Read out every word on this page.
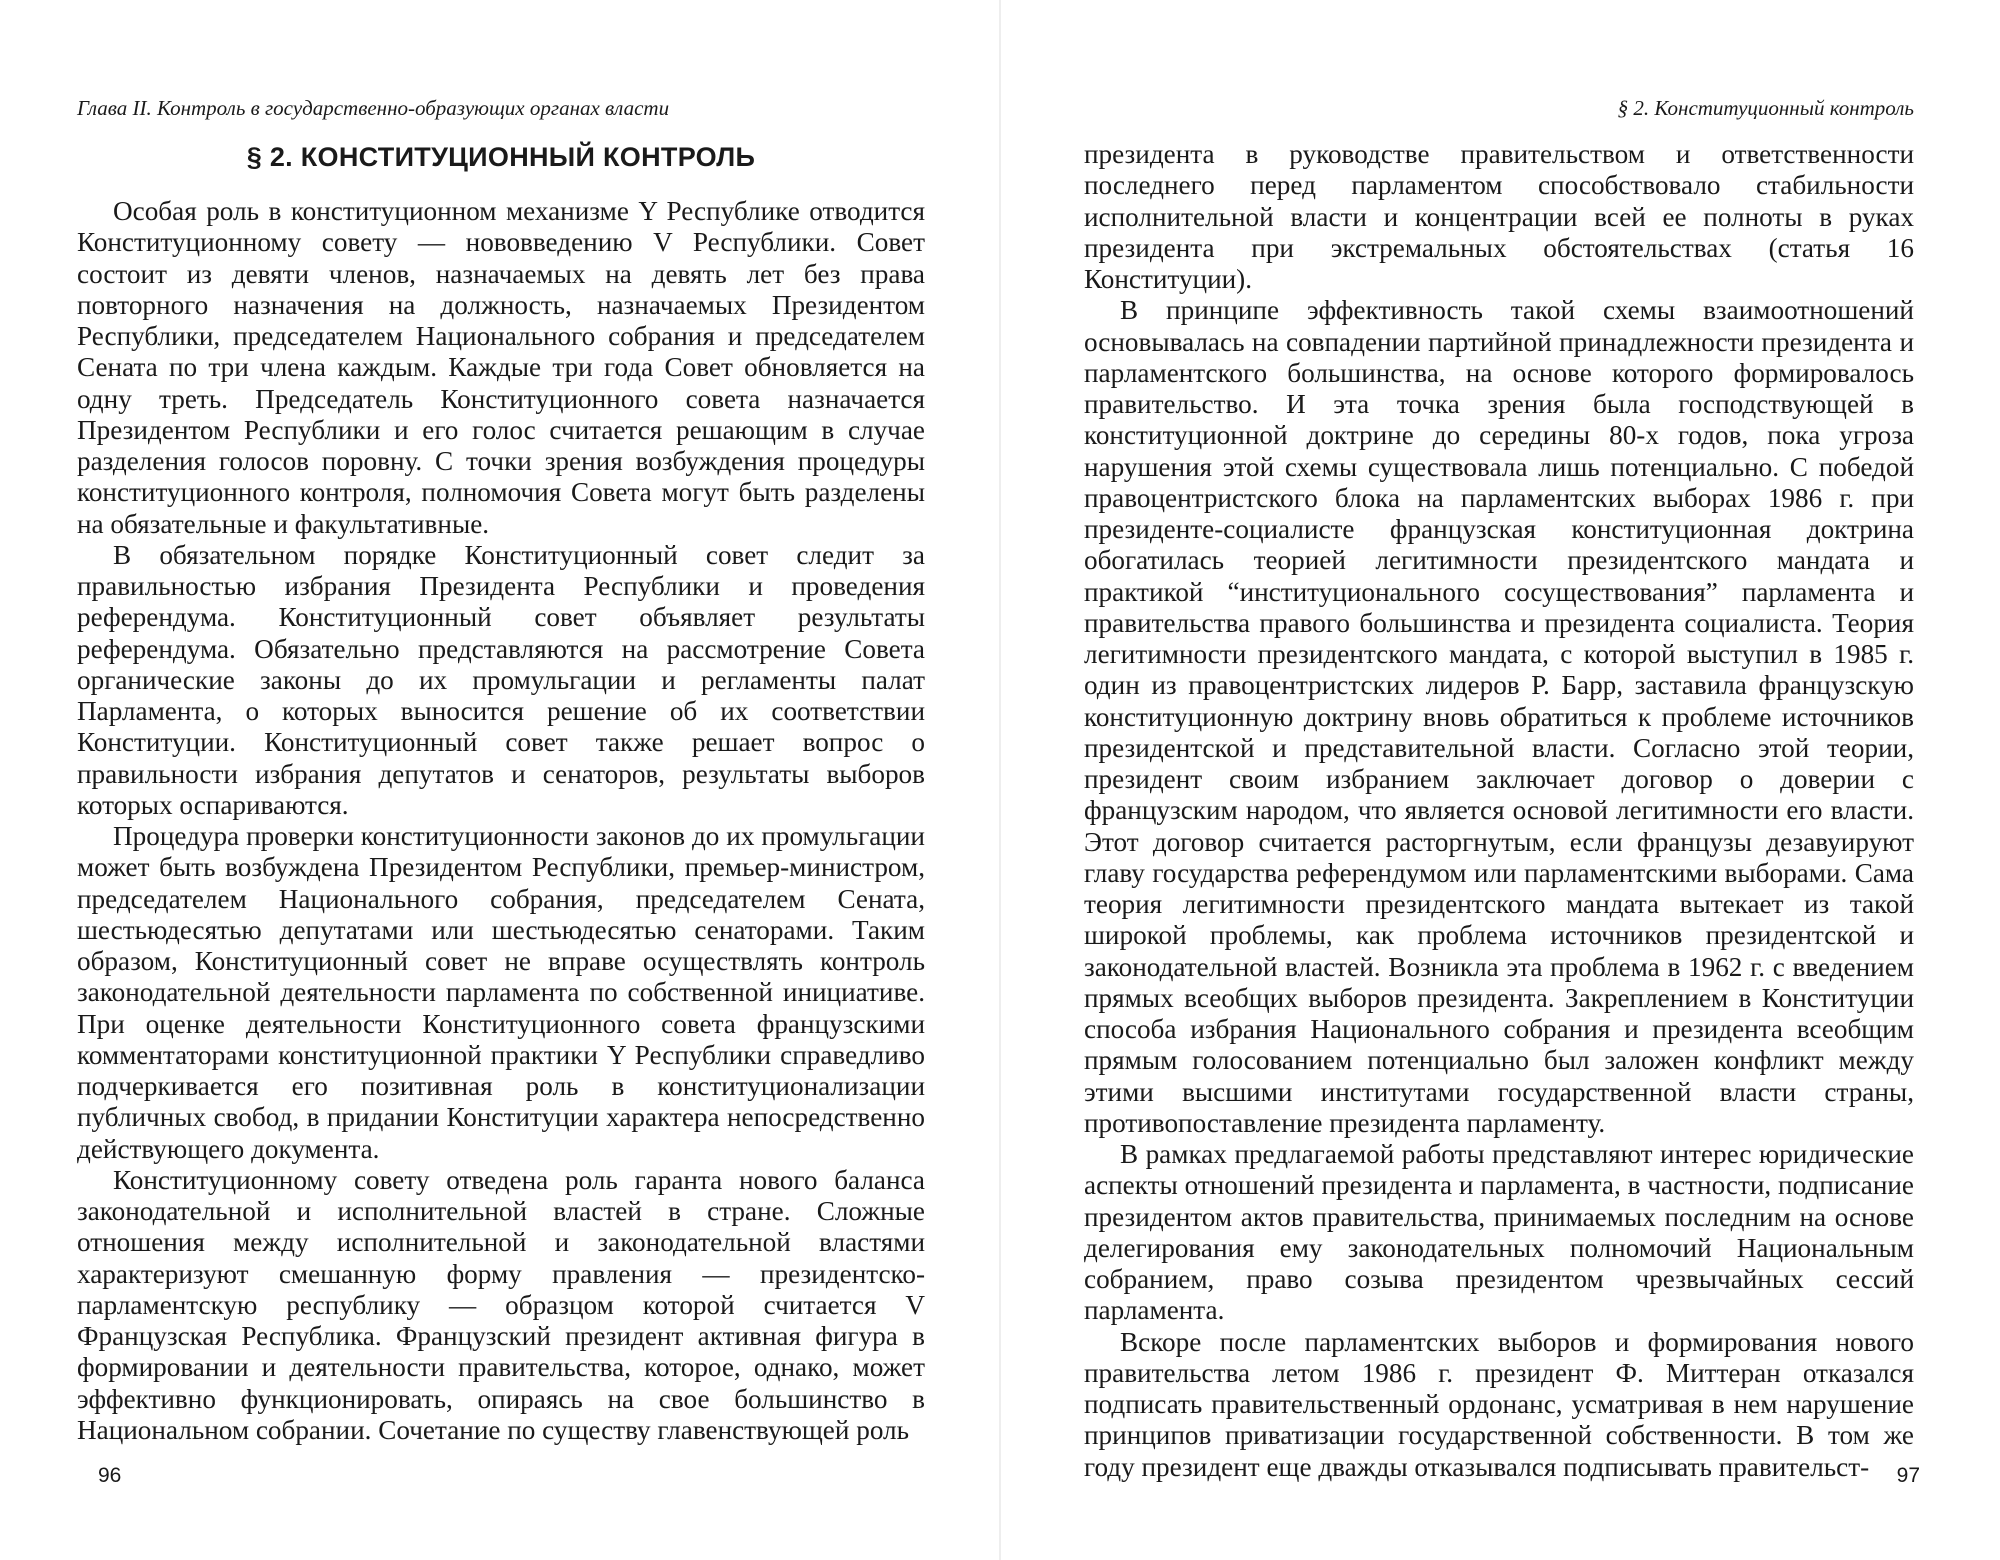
Глава II. Контроль в государственно-образующих органах власти
§ 2. КОНСТИТУЦИОННЫЙ КОНТРОЛЬ

Особая роль в конституционном механизме Y Республике отводится Конституционному совету — нововведению V Республики. Совет состоит из девяти членов, назначаемых на девять лет без права повторного назначения на должность, назначаемых Президентом Республики, председателем Национального собрания и председателем Сената по три члена каждым. Каждые три года Совет обновляется на одну треть. Председатель Конституционного совета назначается Президентом Республики и его голос считается решающим в случае разделения голосов поровну. С точки зрения возбуждения процедуры конституционного контроля, полномочия Совета могут быть разделены на обязательные и факультативные.

В обязательном порядке Конституционный совет следит за правильностью избрания Президента Республики и проведения референдума. Конституционный совет объявляет результаты референдума. Обязательно представляются на рассмотрение Совета органические законы до их промульгации и регламенты палат Парламента, о которых выносится решение об их соответствии Конституции. Конституционный совет также решает вопрос о правильности избрания депутатов и сенаторов, результаты выборов которых оспариваются.

Процедура проверки конституционности законов до их промульгации может быть возбуждена Президентом Республики, премьер-министром, председателем Национального собрания, председателем Сената, шестьюдесятью депутатами или шестьюдесятью сенаторами. Таким образом, Конституционный совет не вправе осуществлять контроль законодательной деятельности парламента по собственной инициативе. При оценке деятельности Конституционного совета французскими комментаторами конституционной практики Y Республики справедливо подчеркивается его позитивная роль в конституционализации публичных свобод, в придании Конституции характера непосредственно действующего документа.

Конституционному совету отведена роль гаранта нового баланса законодательной и исполнительной властей в стране. Сложные отношения между исполнительной и законодательной властями характеризуют смешанную форму правления — президентско-парламентскую республику — образцом которой считается V Французская Республика. Французский президент активная фигура в формировании и деятельности правительства, которое, однако, может эффективно функционировать, опираясь на свое большинство в Национальном собрании. Сочетание по существу главенствующей роль

96
§ 2. Конституционный контроль

президента в руководстве правительством и ответственности последнего перед парламентом способствовало стабильности исполнительной власти и концентрации всей ее полноты в руках президента при экстремальных обстоятельствах (статья 16 Конституции).

В принципе эффективность такой схемы взаимоотношений основывалась на совпадении партийной принадлежности президента и парламентского большинства, на основе которого формировалось правительство. И эта точка зрения была господствующей в конституционной доктрине до середины 80-х годов, пока угроза нарушения этой схемы существовала лишь потенциально. С победой правоцентристского блока на парламентских выборах 1986 г. при президенте-социалисте французская конституционная доктрина обогатилась теорией легитимности президентского мандата и практикой “институционального сосуществования” парламента и правительства правого большинства и президента социалиста. Теория легитимности президентского мандата, с которой выступил в 1985 г. один из правоцентристских лидеров Р. Барр, заставила французскую конституционную доктрину вновь обратиться к проблеме источников президентской и представительной власти. Согласно этой теории, президент своим избранием заключает договор о доверии с французским народом, что является основой легитимности его власти. Этот договор считается расторгнутым, если французы дезавуируют главу государства референдумом или парламентскими выборами. Сама теория легитимности президентского мандата вытекает из такой широкой проблемы, как проблема источников президентской и законодательной властей. Возникла эта проблема в 1962 г. с введением прямых всеобщих выборов президента. Закреплением в Конституции способа избрания Национального собрания и президента всеобщим прямым голосованием потенциально был заложен конфликт между этими высшими институтами государственной власти страны, противопоставление президента парламенту.

В рамках предлагаемой работы представляют интерес юридические аспекты отношений президента и парламента, в частности, подписание президентом актов правительства, принимаемых последним на основе делегирования ему законодательных полномочий Национальным собранием, право созыва президентом чрезвычайных сессий парламента.

Вскоре после парламентских выборов и формирования нового правительства летом 1986 г. президент Ф. Миттеран отказался подписать правительственный ордонанс, усматривая в нем нарушение принципов приватизации государственной собственности. В том же году президент еще дважды отказывался подписывать правительст-	97
